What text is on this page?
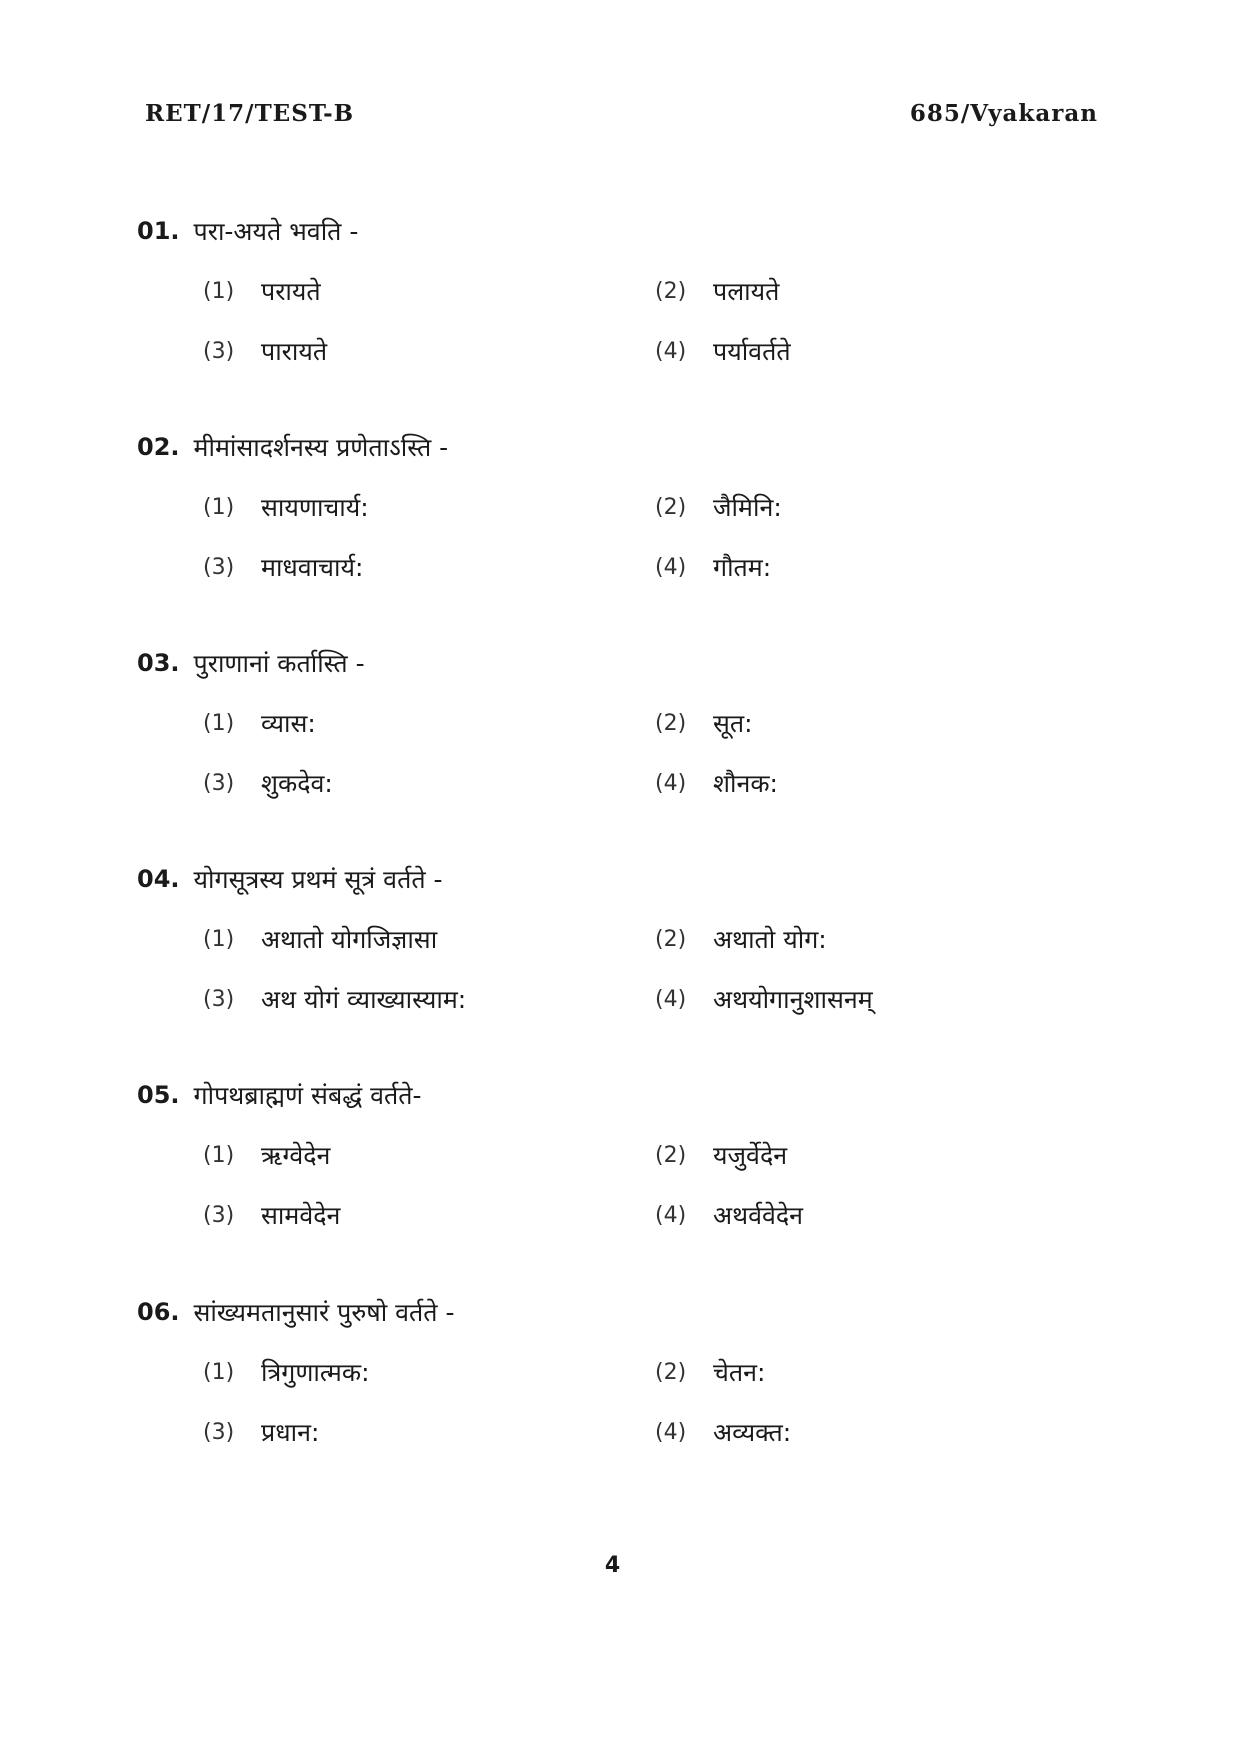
RET/17/TEST-B	685/Vyakaran
01. परा-अयते भवति -
(1)	परायते	(2)	पलायते
(3)	पारायते	(4)	पर्यावर्तते
02. मीमांसादर्शनस्य प्रणेताऽस्ति -
(1)	सायणाचार्य:	(2)	जैमिनि:
(3)	माधवाचार्य:	(4)	गौतम:
03. पुराणानां कर्तास्ति -
(1)	व्यास:	(2)	सूत:
(3)	शुकदेव:	(4)	शौनक:
04. योगसूत्रस्य प्रथमं सूत्रं वर्तते -
(1)	अथातो योगजिज्ञासा	(2)	अथातो योग:
(3)	अथ योगं व्याख्यास्याम:	(4)	अथयोगानुशासनम्
05. गोपथब्राह्मणं संबद्धं वर्तते-
(1)	ऋग्वेदेन	(2)	यजुर्वेदेन
(3)	सामवेदेन	(4)	अथर्ववेदेन
06. सांख्यमतानुसारं पुरुषो वर्तते -
(1)	त्रिगुणात्मक:	(2)	चेतन:
(3)	प्रधान:	(4)	अव्यक्त:
4
